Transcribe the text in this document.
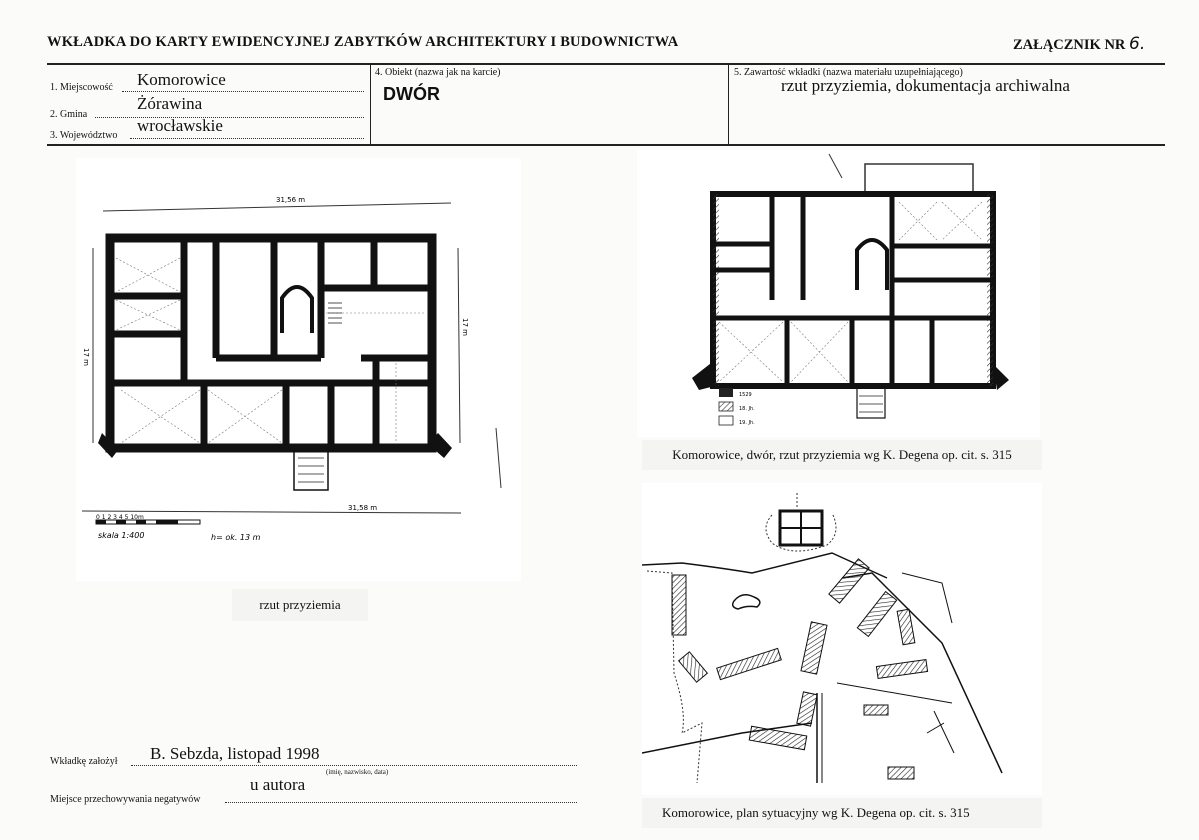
WKŁADKA DO KARTY EWIDENCYJNEJ ZABYTKÓW ARCHITEKTURY I BUDOWNICTWA	ZAŁĄCZNIK NR 6.
1. Miejscowość Komorowice
2. Gmina
Żórawina
3. Województwo
wrocławskie
4. Obiekt (nazwa jak na karcie)
DWÓR
5. Zawartość wkładki (nazwa materiału uzupełniającego)
rzut przyziemia, dokumentacja archiwalna
31,56 m
17 m
17 m
31,58 m
0 1 2 3 4 5 10m
skala 1:400	h= ok. 13 m
rzut przyziemia
1529
18. Jh.
19. Jh.
Komorowice, dwór, rzut przyziemia wg K. Degena op. cit. s. 315
Komorowice, plan sytuacyjny wg K. Degena op. cit. s. 315
Wkładkę założył B. Sebzda, listopad 1998
(imię, nazwisko, data)
Miejsce przechowywania negatywów
u autora
